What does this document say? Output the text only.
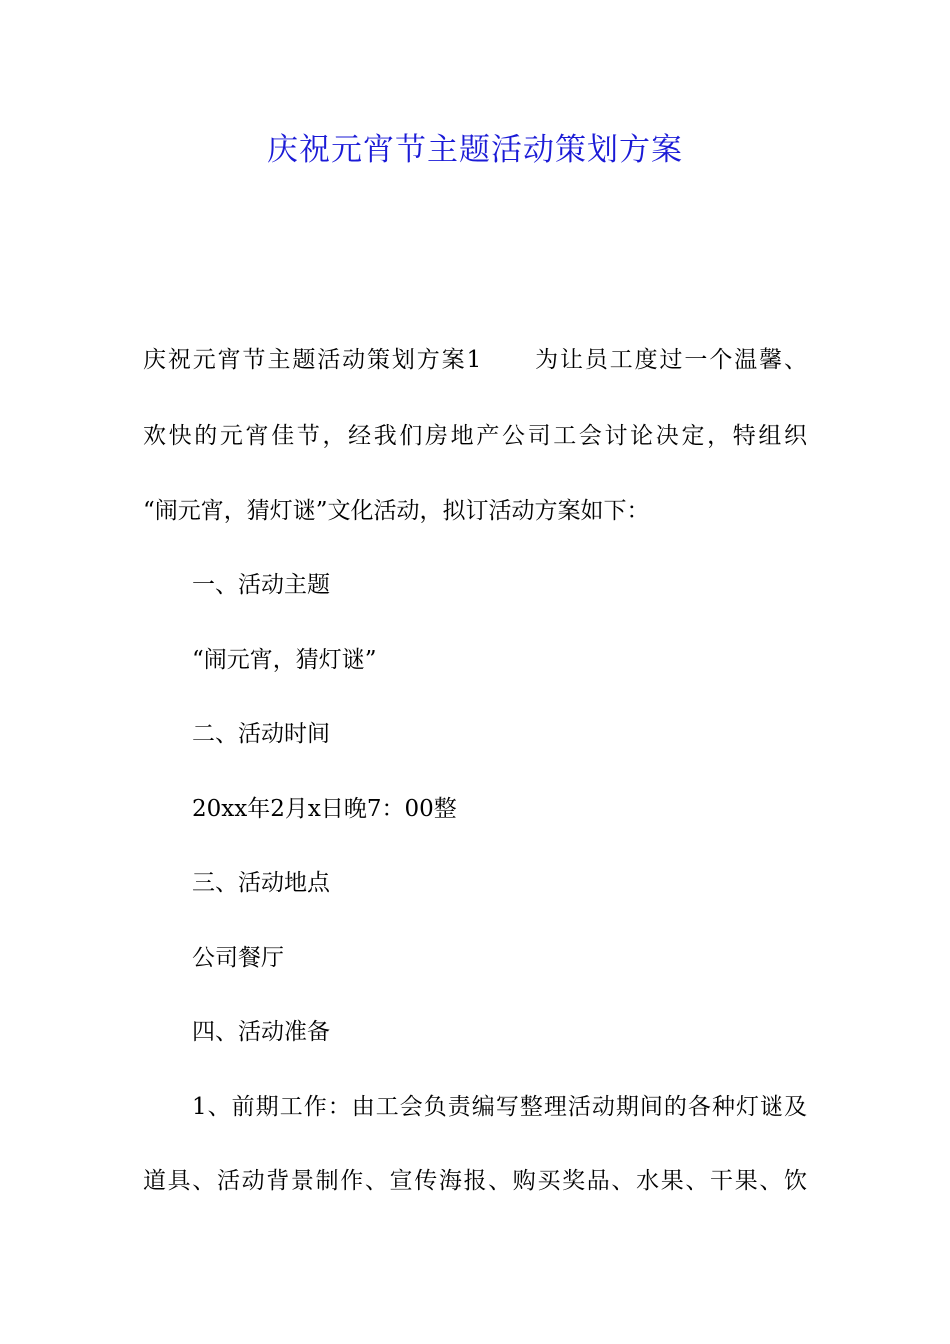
庆祝元宵节主题活动策划方案
庆祝元宵节主题活动策划方案1 为让员工度过一个温馨、
欢快的元宵佳节，经我们房地产公司工会讨论决定，特组织
“闹元宵，猜灯谜”文化活动，拟订活动方案如下：
一、活动主题
“闹元宵，猜灯谜”
二、活动时间
20xx年2月x日晚7：00整
三、活动地点
公司餐厅
四、活动准备
1、前期工作：由工会负责编写整理活动期间的各种灯谜及
道具、活动背景制作、宣传海报、购买奖品、水果、干果、饮
